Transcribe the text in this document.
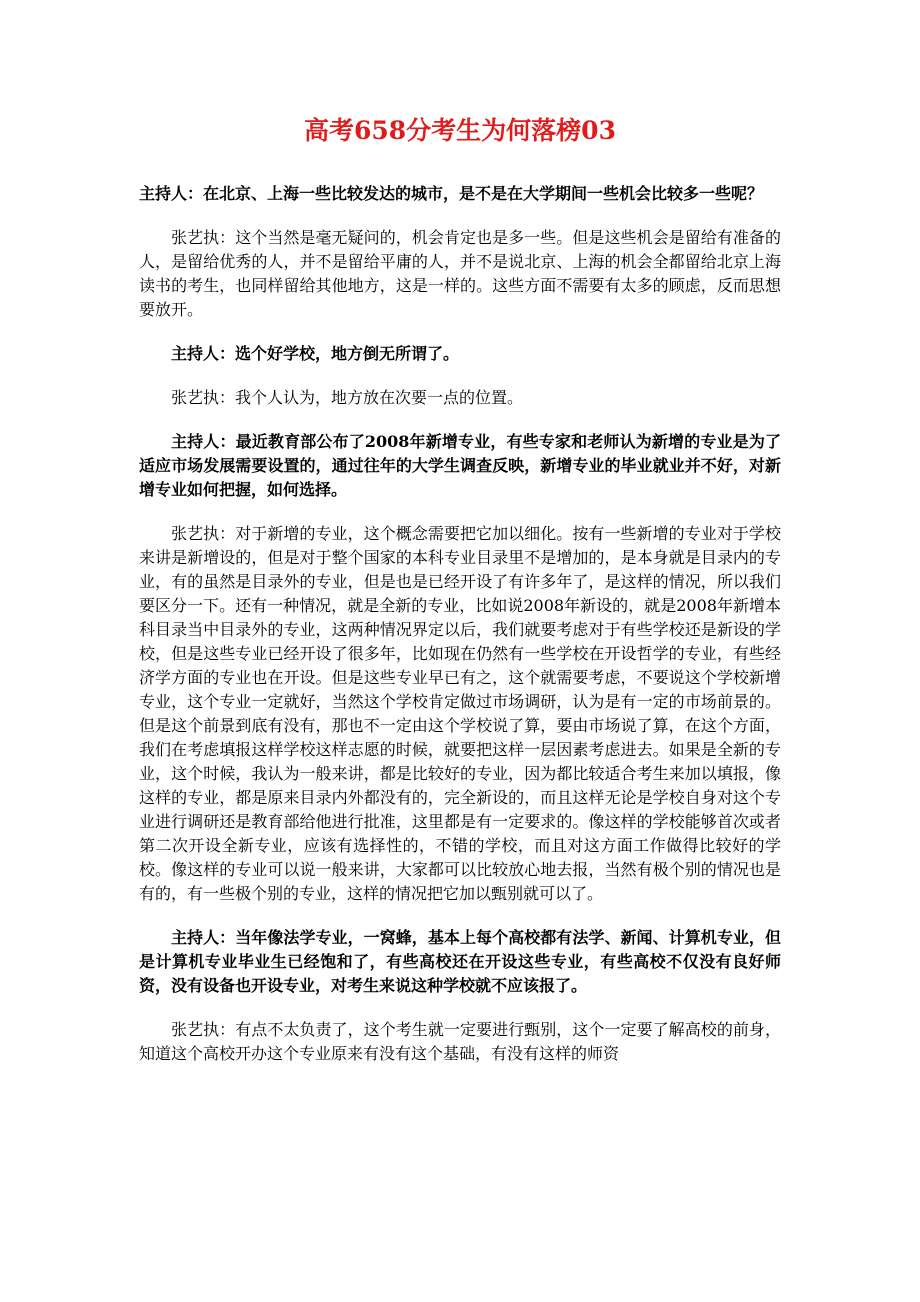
高考658分考生为何落榜03

主持人：在北京、上海一些比较发达的城市，是不是在大学期间一些机会比较多一些呢？

张艺执：这个当然是毫无疑问的，机会肯定也是多一些。但是这些机会是留给有准备的人，是留给优秀的人，并不是留给平庸的人，并不是说北京、上海的机会全都留给北京上海读书的考生，也同样留给其他地方，这是一样的。这些方面不需要有太多的顾虑，反而思想要放开。

主持人：选个好学校，地方倒无所谓了。

张艺执：我个人认为，地方放在次要一点的位置。

主持人：最近教育部公布了2008年新增专业，有些专家和老师认为新增的专业是为了适应市场发展需要设置的，通过往年的大学生调查反映，新增专业的毕业就业并不好，对新增专业如何把握，如何选择。

张艺执：对于新增的专业，这个概念需要把它加以细化。按有一些新增的专业对于学校来讲是新增设的，但是对于整个国家的本科专业目录里不是增加的，是本身就是目录内的专业，有的虽然是目录外的专业，但是也是已经开设了有许多年了，是这样的情况，所以我们要区分一下。还有一种情况，就是全新的专业，比如说2008年新设的，就是2008年新增本科目录当中目录外的专业，这两种情况界定以后，我们就要考虑对于有些学校还是新设的学校，但是这些专业已经开设了很多年，比如现在仍然有一些学校在开设哲学的专业，有些经济学方面的专业也在开设。但是这些专业早已有之，这个就需要考虑，不要说这个学校新增专业，这个专业一定就好，当然这个学校肯定做过市场调研，认为是有一定的市场前景的。但是这个前景到底有没有，那也不一定由这个学校说了算，要由市场说了算，在这个方面，我们在考虑填报这样学校这样志愿的时候，就要把这样一层因素考虑进去。如果是全新的专业，这个时候，我认为一般来讲，都是比较好的专业，因为都比较适合考生来加以填报，像这样的专业，都是原来目录内外都没有的，完全新设的，而且这样无论是学校自身对这个专业进行调研还是教育部给他进行批准，这里都是有一定要求的。像这样的学校能够首次或者第二次开设全新专业，应该有选择性的，不错的学校，而且对这方面工作做得比较好的学校。像这样的专业可以说一般来讲，大家都可以比较放心地去报，当然有极个别的情况也是有的，有一些极个别的专业，这样的情况把它加以甄别就可以了。

主持人：当年像法学专业，一窝蜂，基本上每个高校都有法学、新闻、计算机专业，但是计算机专业毕业生已经饱和了，有些高校还在开设这些专业，有些高校不仅没有良好师资，没有设备也开设专业，对考生来说这种学校就不应该报了。

张艺执：有点不太负责了，这个考生就一定要进行甄别，这个一定要了解高校的前身，知道这个高校开办这个专业原来有没有这个基础，有没有这样的师资
